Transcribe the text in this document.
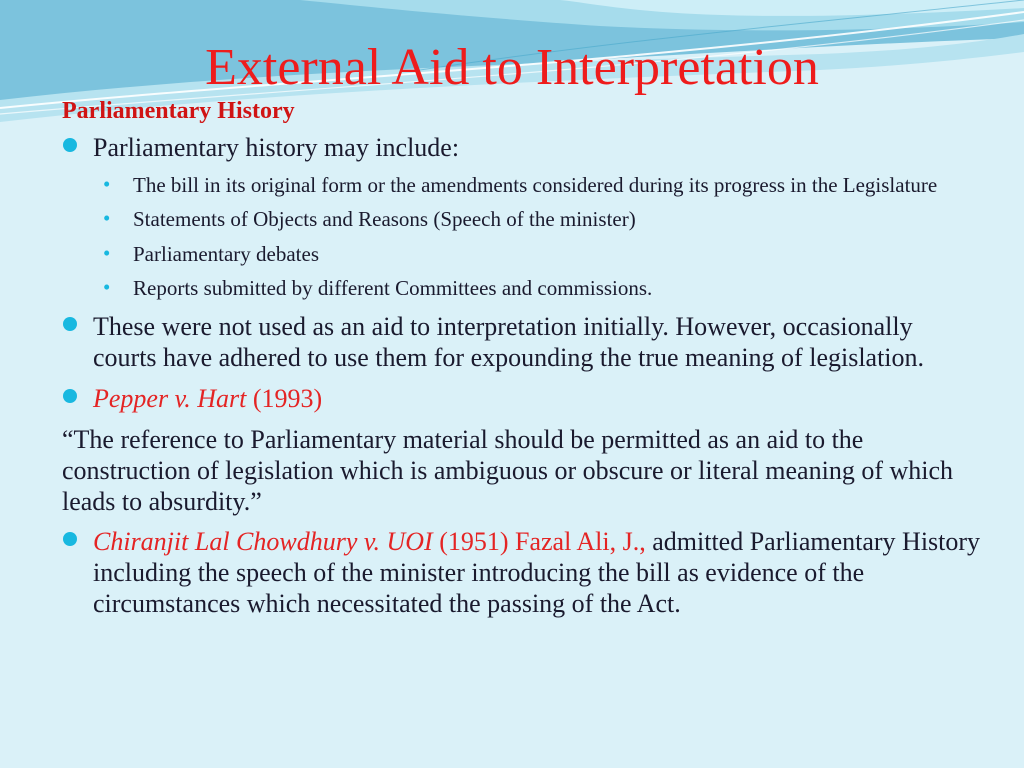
External Aid to Interpretation
Parliamentary History
Parliamentary history may include:
• The bill in its original form or the amendments considered during its progress in the Legislature
• Statements of Objects and Reasons (Speech of the minister)
• Parliamentary debates
• Reports submitted by different Committees and commissions.
These were not used as an aid to interpretation initially. However, occasionally courts have adhered to use them for expounding the true meaning of legislation.
Pepper v. Hart (1993)
“The reference to Parliamentary material should be permitted as an aid to the construction of legislation which is ambiguous or obscure or literal meaning of which leads to absurdity.”
Chiranjit Lal Chowdhury v. UOI (1951) Fazal Ali, J., admitted Parliamentary History including the speech of the minister introducing the bill as evidence of the circumstances which necessitated the passing of the Act.
